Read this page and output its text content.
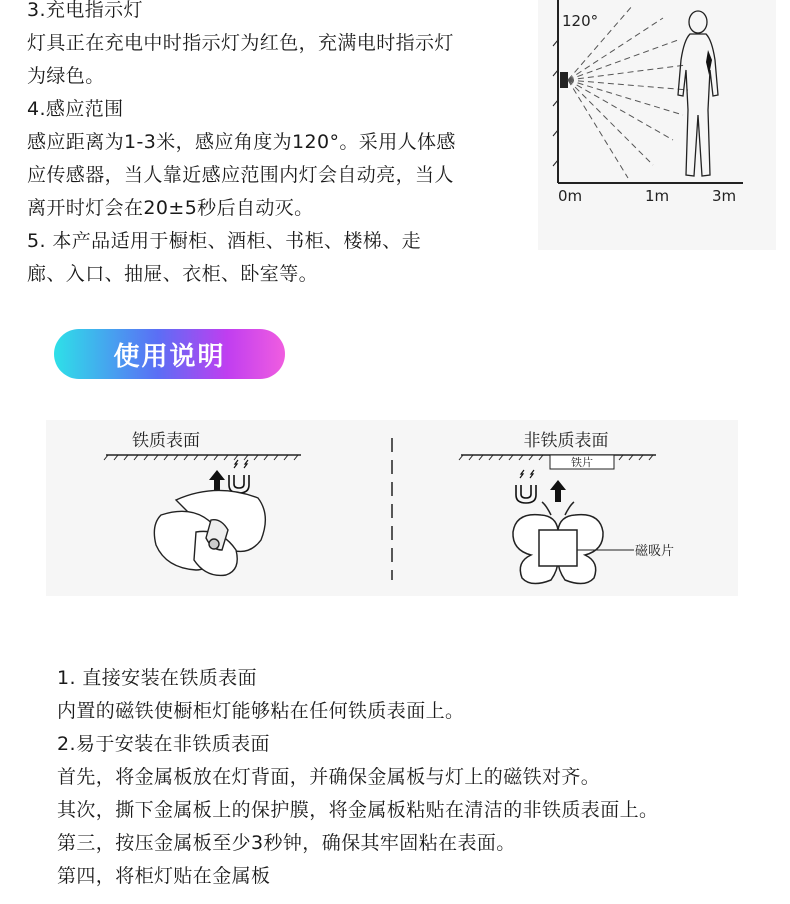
3.充电指示灯

灯具正在充电中时指示灯为红色，充满电时指示灯

为绿色。

4.感应范围

感应距离为1-3米，感应角度为120°。采用人体感

应传感器，当人靠近感应范围内灯会自动亮，当人

离开时灯会在20±5秒后自动灭。

5. 本产品适用于橱柜、酒柜、书柜、楼梯、走

廊、入口、抽屉、衣柜、卧室等。

120°
0m	1m	3m
使用说明
铁质表面	非铁质表面
铁片
磁吸片

1. 直接安装在铁质表面

内置的磁铁使橱柜灯能够粘在任何铁质表面上。

2.易于安装在非铁质表面

首先，将金属板放在灯背面，并确保金属板与灯上的磁铁对齐。

其次，撕下金属板上的保护膜，将金属板粘贴在清洁的非铁质表面上。

第三，按压金属板至少3秒钟，确保其牢固粘在表面。

第四，将柜灯贴在金属板
